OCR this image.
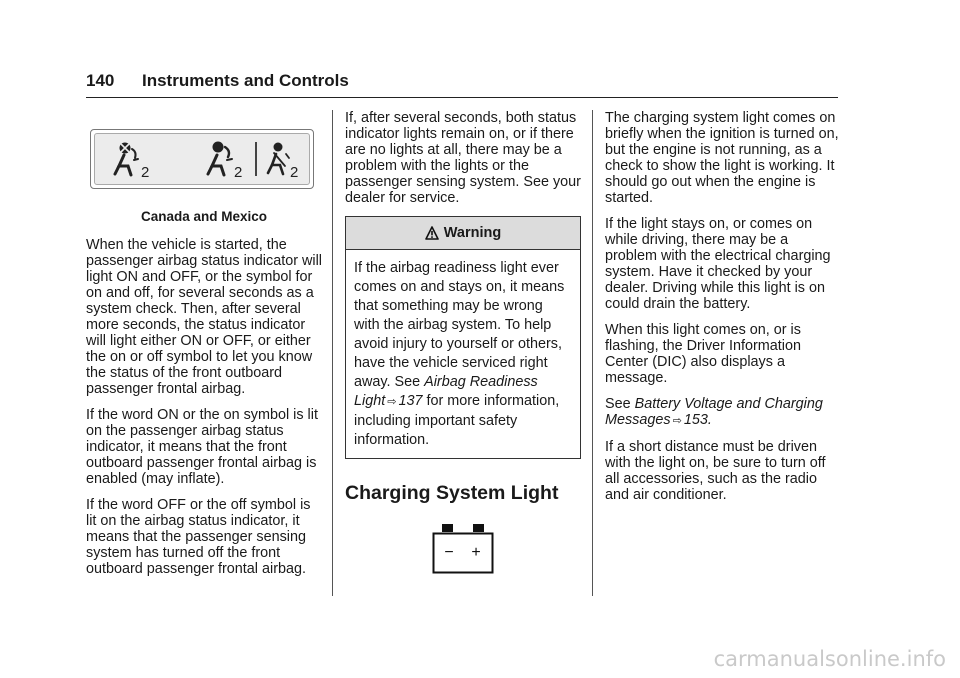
140 Instruments and Controls
2	2	2

Canada and Mexico

When the vehicle is started, the passenger airbag status indicator will light ON and OFF, or the symbol for on and off, for several seconds as a system check. Then, after several more seconds, the status indicator will light either ON or OFF, or either the on or off symbol to let you know the status of the front outboard passenger frontal airbag.

If the word ON or the on symbol is lit on the passenger airbag status indicator, it means that the front outboard passenger frontal airbag is enabled (may inflate).

If the word OFF or the off symbol is lit on the airbag status indicator, it means that the passenger sensing system has turned off the front outboard passenger frontal airbag.

If, after several seconds, both status indicator lights remain on, or if there are no lights at all, there may be a problem with the lights or the passenger sensing system. See your dealer for service.

Warning
If the airbag readiness light ever comes on and stays on, it means that something may be wrong with the airbag system. To help avoid injury to yourself or others, have the vehicle serviced right away. See Airbag Readiness Light ⇨ 137 for more information, including important safety information.
Charging System Light
− +

The charging system light comes on briefly when the ignition is turned on, but the engine is not running, as a check to show the light is working. It should go out when the engine is started.

If the light stays on, or comes on while driving, there may be a problem with the electrical charging system. Have it checked by your dealer. Driving while this light is on could drain the battery.

When this light comes on, or is flashing, the Driver Information Center (DIC) also displays a message.

See Battery Voltage and Charging Messages ⇨ 153.

If a short distance must be driven with the light on, be sure to turn off all accessories, such as the radio and air conditioner.

carmanualsonline.info
